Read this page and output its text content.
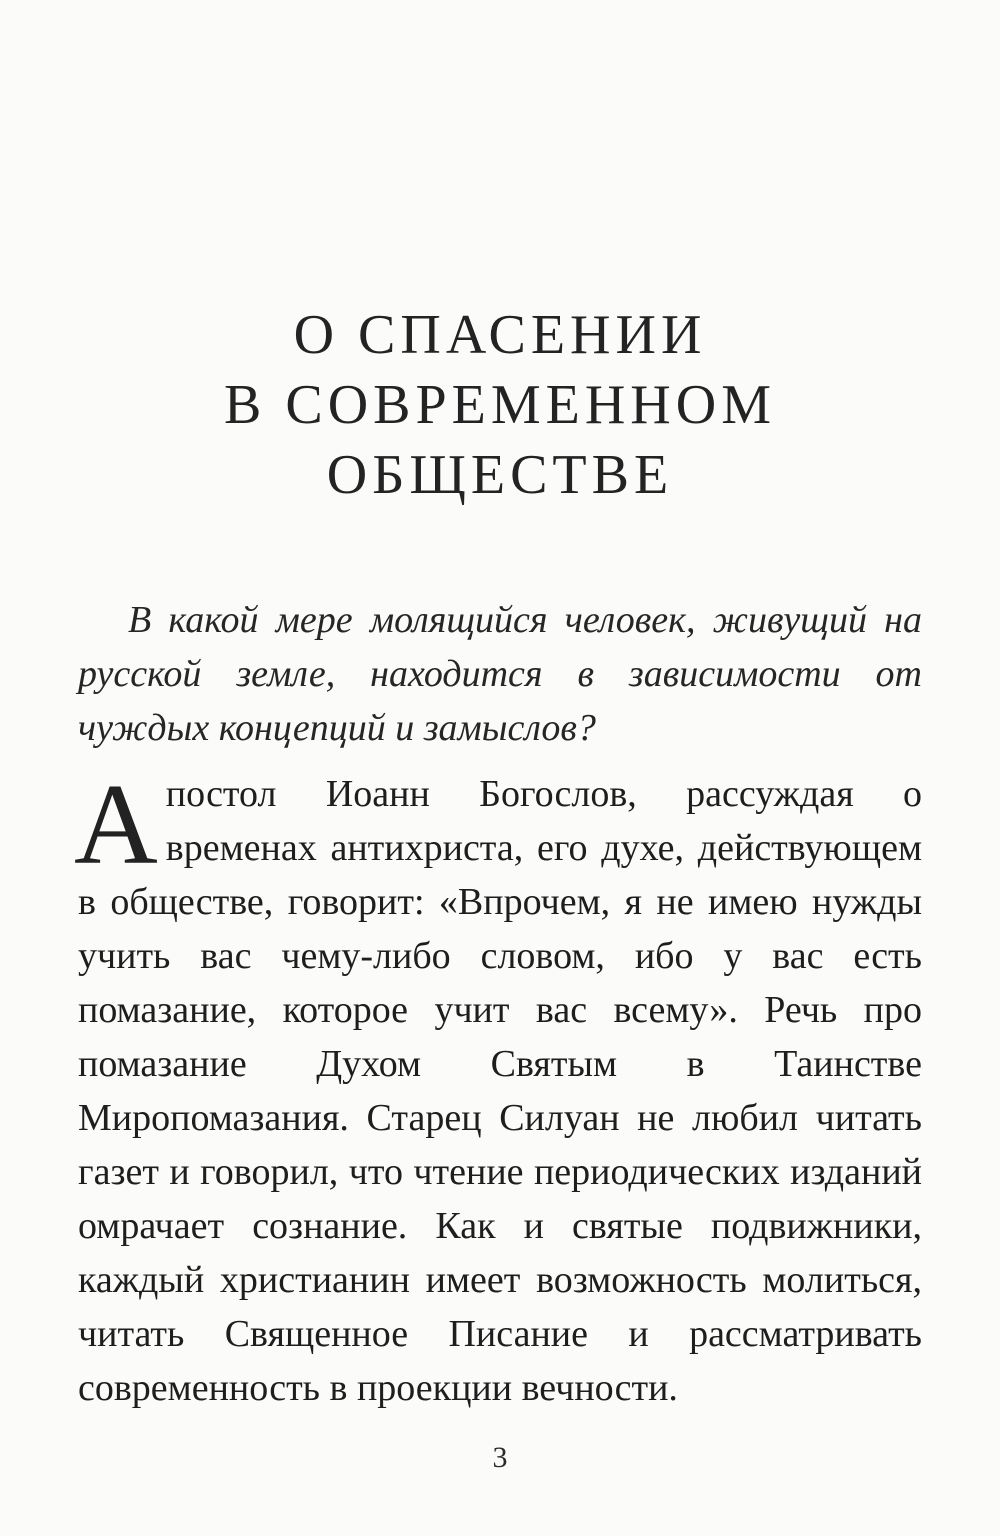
О СПАСЕНИИ
В СОВРЕМЕННОМ
ОБЩЕСТВЕ

В какой мере молящийся человек, живущий на русской земле, находится в зависимости от чуждых концепций и замыслов?

Апостол Иоанн Богослов, рассуждая о временах антихриста, его духе, действующем в обществе, говорит: «Впрочем, я не имею нужды учить вас чему-либо словом, ибо у вас есть помазание, которое учит вас всему». Речь про помазание Духом Святым в Таинстве Миропомазания. Старец Силуан не любил читать газет и говорил, что чтение периодических изданий омрачает сознание. Как и святые подвижники, каждый христианин имеет возможность молиться, читать Священное Писание и рассматривать современность в проекции вечности.

3
